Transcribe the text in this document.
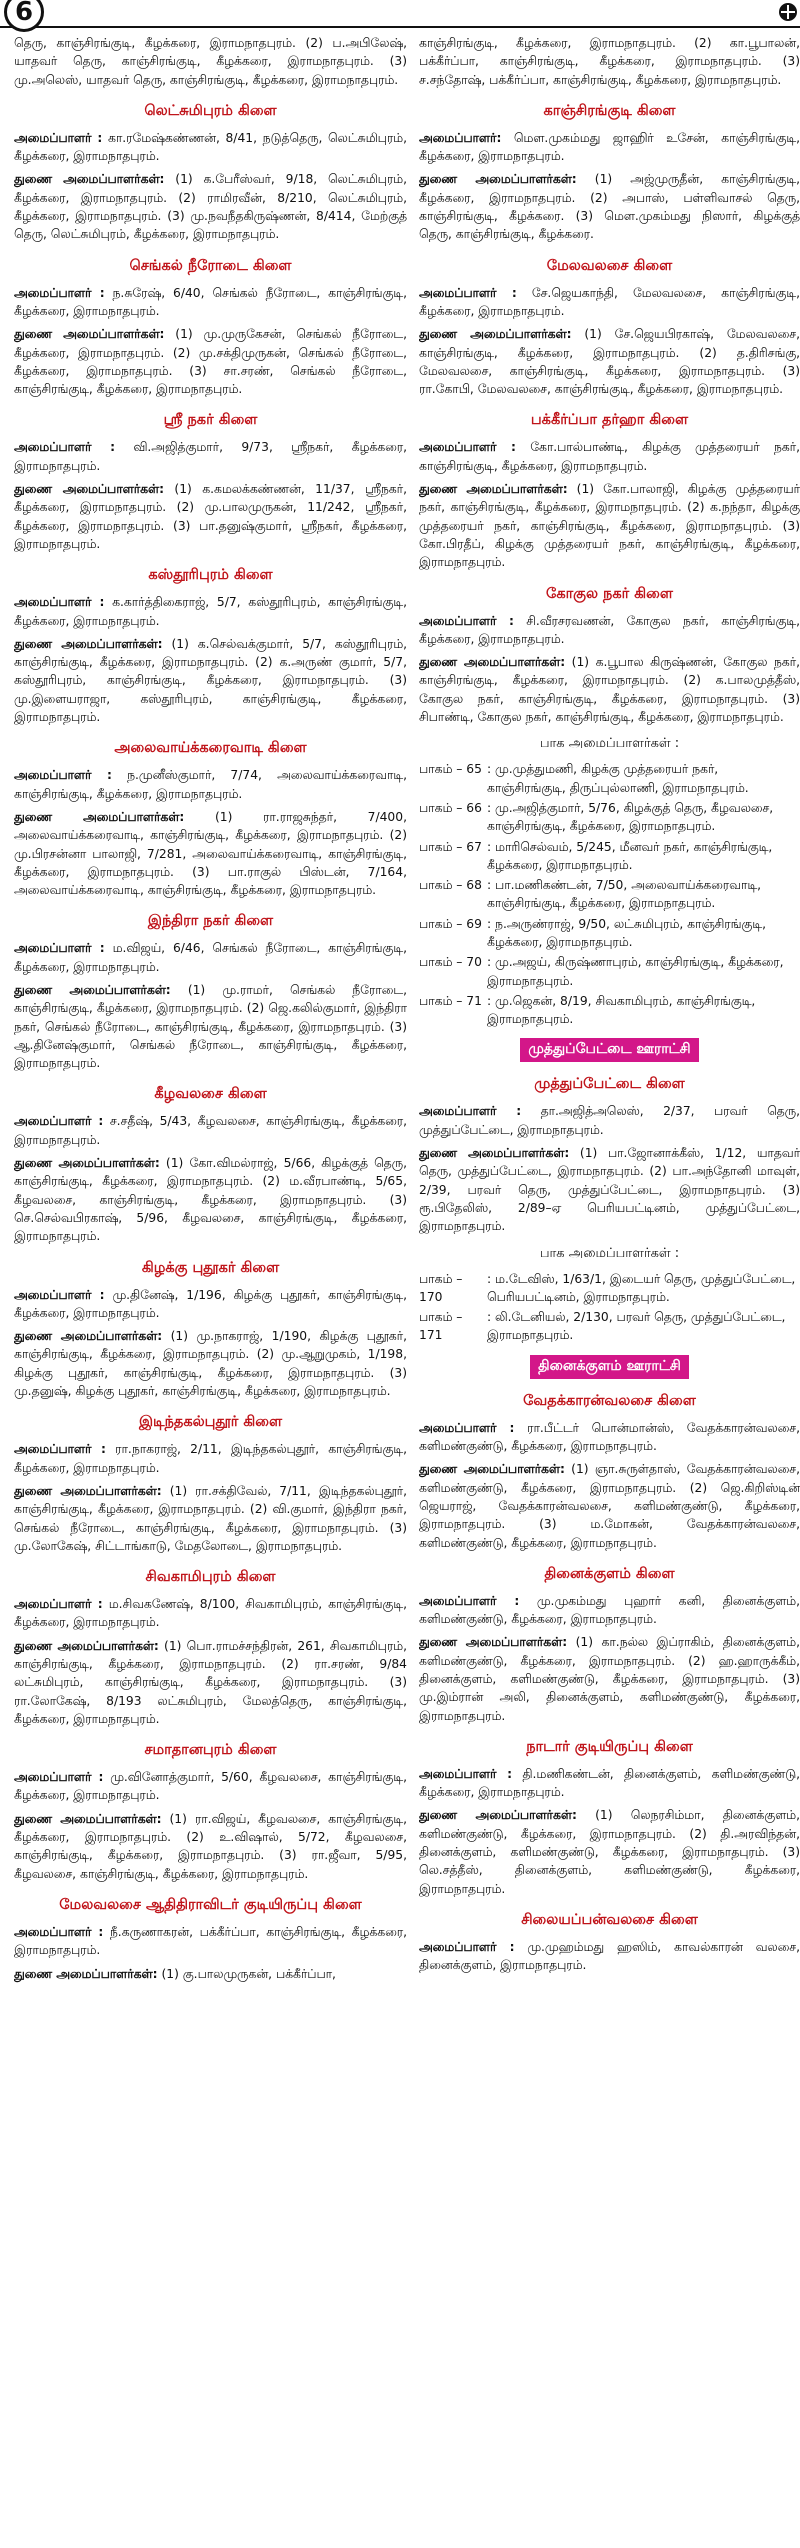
6

தெரு, காஞ்சிரங்குடி, கீழக்கரை, இராமநாதபுரம். (2) ப.அபிலேஷ், யாதவர் தெரு, காஞ்சிரங்குடி, கீழக்கரை, இராமநாதபுரம். (3) மு.அலெஸ், யாதவர் தெரு, காஞ்சிரங்குடி, கீழக்கரை, இராமநாதபுரம்.

லெட்சுமிபுரம் கிளை

அமைப்பாளர் : கா.ரமேஷ்கண்ணன், 8/41, நடுத்தெரு, லெட்சுமிபுரம், கீழக்கரை, இராமநாதபுரம்.

துணை அமைப்பாளர்கள்: (1) க.பேரீஸ்வர், 9/18, லெட்சுமிபுரம், கீழக்கரை, இராமநாதபுரம். (2) ராமிரவீன், 8/210, லெட்சுமிபுரம், கீழக்கரை, இராமநாதபுரம். (3) மு.நவநீதகிருஷ்ணன், 8/414, மேற்குத் தெரு, லெட்சுமிபுரம், கீழக்கரை, இராமநாதபுரம்.

செங்கல் நீரோடை கிளை

அமைப்பாளர் : ந.சுரேஷ், 6/40, செங்கல் நீரோடை, காஞ்சிரங்குடி, கீழக்கரை, இராமநாதபுரம்.

துணை அமைப்பாளர்கள்: (1) மு.முருகேசன், செங்கல் நீரோடை, கீழக்கரை, இராமநாதபுரம். (2) மு.சக்திமுருகன், செங்கல் நீரோடை, கீழக்கரை, இராமநாதபுரம். (3) சா.சரண், செங்கல் நீரோடை, காஞ்சிரங்குடி, கீழக்கரை, இராமநாதபுரம்.

ஸ்ரீ நகர் கிளை

அமைப்பாளர் : வி.அஜித்குமார், 9/73, ஸ்ரீநகர், கீழக்கரை, இராமநாதபுரம்.

துணை அமைப்பாளர்கள்: (1) க.கமலக்கண்ணன், 11/37, ஸ்ரீநகர், கீழக்கரை, இராமநாதபுரம். (2) மு.பாலமுருகன், 11/242, ஸ்ரீநகர், கீழக்கரை, இராமநாதபுரம். (3) பா.தனுஷ்குமார், ஸ்ரீநகர், கீழக்கரை, இராமநாதபுரம்.

கஸ்தூரிபுரம் கிளை

அமைப்பாளர் : க.கார்த்திகைராஜ், 5/7, கஸ்தூரிபுரம், காஞ்சிரங்குடி, கீழக்கரை, இராமநாதபுரம்.

துணை அமைப்பாளர்கள்: (1) க.செல்வக்குமார், 5/7, கஸ்தூரிபுரம், காஞ்சிரங்குடி, கீழக்கரை, இராமநாதபுரம். (2) க.அருண் குமார், 5/7, கஸ்தூரிபுரம், காஞ்சிரங்குடி, கீழக்கரை, இராமநாதபுரம். (3) மு.இளையராஜா, கஸ்தூரிபுரம், காஞ்சிரங்குடி, கீழக்கரை, இராமநாதபுரம்.

அலைவாய்க்கரைவாடி கிளை

அமைப்பாளர் : ந.முனீஸ்குமார், 7/74, அலைவாய்க்கரைவாடி, காஞ்சிரங்குடி, கீழக்கரை, இராமநாதபுரம்.

துணை அமைப்பாளர்கள்: (1) ரா.ராஜசுந்தர், 7/400, அலைவாய்க்கரைவாடி, காஞ்சிரங்குடி, கீழக்கரை, இராமநாதபுரம். (2) மு.பிரசன்னா பாலாஜி, 7/281, அலைவாய்க்கரைவாடி, காஞ்சிரங்குடி, கீழக்கரை, இராமநாதபுரம். (3) பா.ராகுல் பிஸ்டன், 7/164, அலைவாய்க்கரைவாடி, காஞ்சிரங்குடி, கீழக்கரை, இராமநாதபுரம்.

இந்திரா நகர் கிளை

அமைப்பாளர் : ம.விஜய், 6/46, செங்கல் நீரோடை, காஞ்சிரங்குடி, கீழக்கரை, இராமநாதபுரம்.

துணை அமைப்பாளர்கள்: (1) மு.ராமர், செங்கல் நீரோடை, காஞ்சிரங்குடி, கீழக்கரை, இராமநாதபுரம். (2) ஜெ.கலில்குமார், இந்திரா நகர், செங்கல் நீரோடை, காஞ்சிரங்குடி, கீழக்கரை, இராமநாதபுரம். (3) ஆ.தினேஷ்குமார், செங்கல் நீரோடை, காஞ்சிரங்குடி, கீழக்கரை, இராமநாதபுரம்.

கீழவலசை கிளை

அமைப்பாளர் : ச.சதீஷ், 5/43, கீழவலசை, காஞ்சிரங்குடி, கீழக்கரை, இராமநாதபுரம்.

துணை அமைப்பாளர்கள்: (1) கோ.விமல்ராஜ், 5/66, கிழக்குத் தெரு, காஞ்சிரங்குடி, கீழக்கரை, இராமநாதபுரம். (2) ம.வீரபாண்டி, 5/65, கீழவலசை, காஞ்சிரங்குடி, கீழக்கரை, இராமநாதபுரம். (3) செ.செல்வபிரகாஷ், 5/96, கீழவலசை, காஞ்சிரங்குடி, கீழக்கரை, இராமநாதபுரம்.

கிழக்கு புதூகர் கிளை

அமைப்பாளர் : மு.தினேஷ், 1/196, கிழக்கு புதூகர், காஞ்சிரங்குடி, கீழக்கரை, இராமநாதபுரம்.

துணை அமைப்பாளர்கள்: (1) மு.நாகராஜ், 1/190, கிழக்கு புதூகர், காஞ்சிரங்குடி, கீழக்கரை, இராமநாதபுரம். (2) மு.ஆறுமுகம், 1/198, கிழக்கு புதூகர், காஞ்சிரங்குடி, கீழக்கரை, இராமநாதபுரம். (3) மு.தனுஷ், கிழக்கு புதூகர், காஞ்சிரங்குடி, கீழக்கரை, இராமநாதபுரம்.

இடிந்தகல்புதூர் கிளை

அமைப்பாளர் : ரா.நாகராஜ், 2/11, இடிந்தகல்புதூர், காஞ்சிரங்குடி, கீழக்கரை, இராமநாதபுரம்.

துணை அமைப்பாளர்கள்: (1) ரா.சக்திவேல், 7/11, இடிந்தகல்புதூர், காஞ்சிரங்குடி, கீழக்கரை, இராமநாதபுரம். (2) வி.குமார், இந்திரா நகர், செங்கல் நீரோடை, காஞ்சிரங்குடி, கீழக்கரை, இராமநாதபுரம். (3) மு.லோகேஷ், சிட்டாங்காடு, மேதலோடை, இராமநாதபுரம்.

சிவகாமிபுரம் கிளை

அமைப்பாளர் : ம.சிவகணேஷ், 8/100, சிவகாமிபுரம், காஞ்சிரங்குடி, கீழக்கரை, இராமநாதபுரம்.

துணை அமைப்பாளர்கள்: (1) பொ.ராமச்சந்திரன், 261, சிவகாமிபுரம், காஞ்சிரங்குடி, கீழக்கரை, இராமநாதபுரம். (2) ரா.சரண், 9/84 லட்சுமிபுரம், காஞ்சிரங்குடி, கீழக்கரை, இராமநாதபுரம். (3) ரா.லோகேஷ், 8/193 லட்சுமிபுரம், மேலத்தெரு, காஞ்சிரங்குடி, கீழக்கரை, இராமநாதபுரம்.

சமாதானபுரம் கிளை

அமைப்பாளர் : மு.வினோத்குமார், 5/60, கீழவலசை, காஞ்சிரங்குடி, கீழக்கரை, இராமநாதபுரம்.

துணை அமைப்பாளர்கள்: (1) ரா.விஜய், கீழவலசை, காஞ்சிரங்குடி, கீழக்கரை, இராமநாதபுரம். (2) உ.விஷால், 5/72, கீழவலசை, காஞ்சிரங்குடி, கீழக்கரை, இராமநாதபுரம். (3) ரா.ஜீவா, 5/95, கீழவலசை, காஞ்சிரங்குடி, கீழக்கரை, இராமநாதபுரம்.

மேலவலசை ஆதிதிராவிடர் குடியிருப்பு கிளை

அமைப்பாளர் : நீ.கருணாகரன், பக்கீர்ப்பா, காஞ்சிரங்குடி, கீழக்கரை, இராமநாதபுரம்.

துணை அமைப்பாளர்கள்: (1) கு.பாலமுருகன், பக்கீர்ப்பா,

காஞ்சிரங்குடி, கீழக்கரை, இராமநாதபுரம். (2) கா.பூபாலன், பக்கீர்ப்பா, காஞ்சிரங்குடி, கீழக்கரை, இராமநாதபுரம். (3) ச.சந்தோஷ், பக்கீர்ப்பா, காஞ்சிரங்குடி, கீழக்கரை, இராமநாதபுரம்.

காஞ்சிரங்குடி கிளை

அமைப்பாளர்: மௌ.முகம்மது ஜாஹிர் உசேன், காஞ்சிரங்குடி, கீழக்கரை, இராமநாதபுரம்.

துணை அமைப்பாளர்கள்: (1) அஜ்முருதீன், காஞ்சிரங்குடி, கீழக்கரை, இராமநாதபுரம். (2) அபாஸ், பள்ளிவாசல் தெரு, காஞ்சிரங்குடி, கீழக்கரை. (3) மௌ.முகம்மது நிஸார், கிழக்குத் தெரு, காஞ்சிரங்குடி, கீழக்கரை.

மேலவலசை கிளை

அமைப்பாளர் : சே.ஜெயகாந்தி, மேலவலசை, காஞ்சிரங்குடி, கீழக்கரை, இராமநாதபுரம்.

துணை அமைப்பாளர்கள்: (1) சே.ஜெயபிரகாஷ், மேலவலசை, காஞ்சிரங்குடி, கீழக்கரை, இராமநாதபுரம். (2) த.திரிசங்கு, மேலவலசை, காஞ்சிரங்குடி, கீழக்கரை, இராமநாதபுரம். (3) ரா.கோபி, மேலவலசை, காஞ்சிரங்குடி, கீழக்கரை, இராமநாதபுரம்.

பக்கீர்ப்பா தர்ஹா கிளை

அமைப்பாளர் : கோ.பால்பாண்டி, கிழக்கு முத்தரையர் நகர், காஞ்சிரங்குடி, கீழக்கரை, இராமநாதபுரம்.

துணை அமைப்பாளர்கள்: (1) கோ.பாலாஜி, கிழக்கு முத்தரையர் நகர், காஞ்சிரங்குடி, கீழக்கரை, இராமநாதபுரம். (2) க.நந்தா, கிழக்கு முத்தரையர் நகர், காஞ்சிரங்குடி, கீழக்கரை, இராமநாதபுரம். (3) கோ.பிரதீப், கிழக்கு முத்தரையர் நகர், காஞ்சிரங்குடி, கீழக்கரை, இராமநாதபுரம்.

கோகுல நகர் கிளை

அமைப்பாளர் : சி.வீரசரவணன், கோகுல நகர், காஞ்சிரங்குடி, கீழக்கரை, இராமநாதபுரம்.

துணை அமைப்பாளர்கள்: (1) க.பூபால கிருஷ்ணன், கோகுல நகர், காஞ்சிரங்குடி, கீழக்கரை, இராமநாதபுரம். (2) க.பாலமுத்தீஸ், கோகுல நகர், காஞ்சிரங்குடி, கீழக்கரை, இராமநாதபுரம். (3) சிபாண்டி, கோகுல நகர், காஞ்சிரங்குடி, கீழக்கரை, இராமநாதபுரம்.

பாக அமைப்பாளர்கள் :
பாகம் – 65 : மு.முத்துமணி, கிழக்கு முத்தரையர் நகர், காஞ்சிரங்குடி, திருப்புல்லாணி, இராமநாதபுரம்.
பாகம் – 66 : மு.அஜித்குமார், 5/76, கிழக்குத் தெரு, கீழவலசை, காஞ்சிரங்குடி, கீழக்கரை, இராமநாதபுரம்.
பாகம் – 67 : மாரிசெல்வம், 5/245, மீனவர் நகர், காஞ்சிரங்குடி, கீழக்கரை, இராமநாதபுரம்.
பாகம் – 68 : பா.மணிகண்டன், 7/50, அலைவாய்க்கரைவாடி, காஞ்சிரங்குடி, கீழக்கரை, இராமநாதபுரம்.
பாகம் – 69 : ந.அருண்ராஜ், 9/50, லட்சுமிபுரம், காஞ்சிரங்குடி, கீழக்கரை, இராமநாதபுரம்.
பாகம் – 70 : மு.அஜய், கிருஷ்ணாபுரம், காஞ்சிரங்குடி, கீழக்கரை, இராமநாதபுரம்.
பாகம் – 71 : மு.ஜெகன், 8/19, சிவகாமிபுரம், காஞ்சிரங்குடி, இராமநாதபுரம்.
முத்துப்பேட்டை ஊராட்சி
முத்துப்பேட்டை கிளை

அமைப்பாளர் : தா.அஜித்அலெஸ், 2/37, பரவர் தெரு, முத்துப்பேட்டை, இராமநாதபுரம்.

துணை அமைப்பாளர்கள்: (1) பா.ஜோனாக்கீஸ், 1/12, யாதவர் தெரு, முத்துப்பேட்டை, இராமநாதபுரம். (2) பா.அந்தோனி மாவுள், 2/39, பரவர் தெரு, முத்துப்பேட்டை, இராமநாதபுரம். (3) ரூ.பிதேலிஸ், 2/89–ஏ பெரியபட்டினம், முத்துப்பேட்டை, இராமநாதபுரம்.

பாக அமைப்பாளர்கள் :
பாகம் – 170
: ம.டேவிஸ், 1/63/1, இடையர் தெரு, முத்துப்பேட்டை, பெரியபட்டினம், இராமநாதபுரம்.
பாகம் – 171
: லி.டேனியல், 2/130, பரவர் தெரு, முத்துப்பேட்டை, இராமநாதபுரம்.
தினைக்குளம் ஊராட்சி
வேதக்காரன்வலசை கிளை

அமைப்பாளர் : ரா.பீட்டர் பொன்மான்ஸ், வேதக்காரன்வலசை, களிமண்குண்டு, கீழக்கரை, இராமநாதபுரம்.

துணை அமைப்பாளர்கள்: (1) ஞா.சுருள்தாஸ், வேதக்காரன்வலசை, களிமண்குண்டு, கீழக்கரை, இராமநாதபுரம். (2) ஜெ.கிறிஸ்டின் ஜெயராஜ், வேதக்காரன்வலசை, களிமண்குண்டு, கீழக்கரை, இராமநாதபுரம். (3) ம.மோகன், வேதக்காரன்வலசை, களிமண்குண்டு, கீழக்கரை, இராமநாதபுரம்.

தினைக்குளம் கிளை

அமைப்பாளர் : மு.முகம்மது புஹார் கனி, தினைக்குளம், களிமண்குண்டு, கீழக்கரை, இராமநாதபுரம்.

துணை அமைப்பாளர்கள்: (1) கா.நல்ல இப்ராகிம், தினைக்குளம், களிமண்குண்டு, கீழக்கரை, இராமநாதபுரம். (2) ஹ.ஹாருக்கீம், தினைக்குளம், களிமண்குண்டு, கீழக்கரை, இராமநாதபுரம். (3) மு.இம்ரான் அலி, தினைக்குளம், களிமண்குண்டு, கீழக்கரை, இராமநாதபுரம்.

நாடார் குடியிருப்பு கிளை

அமைப்பாளர் : தி.மணிகண்டன், தினைக்குளம், களிமண்குண்டு, கீழக்கரை, இராமநாதபுரம்.

துணை அமைப்பாளர்கள்: (1) லெநரசிம்மா, தினைக்குளம், களிமண்குண்டு, கீழக்கரை, இராமநாதபுரம். (2) தி.அரவிந்தன், தினைக்குளம், களிமண்குண்டு, கீழக்கரை, இராமநாதபுரம். (3) லெ.சத்தீஸ், தினைக்குளம், களிமண்குண்டு, கீழக்கரை, இராமநாதபுரம்.

சிலையப்பன்வலசை கிளை

அமைப்பாளர் : மு.முஹம்மது ஹஸிம், காவல்காரன் வலசை, தினைக்குளம், இராமநாதபுரம்.
